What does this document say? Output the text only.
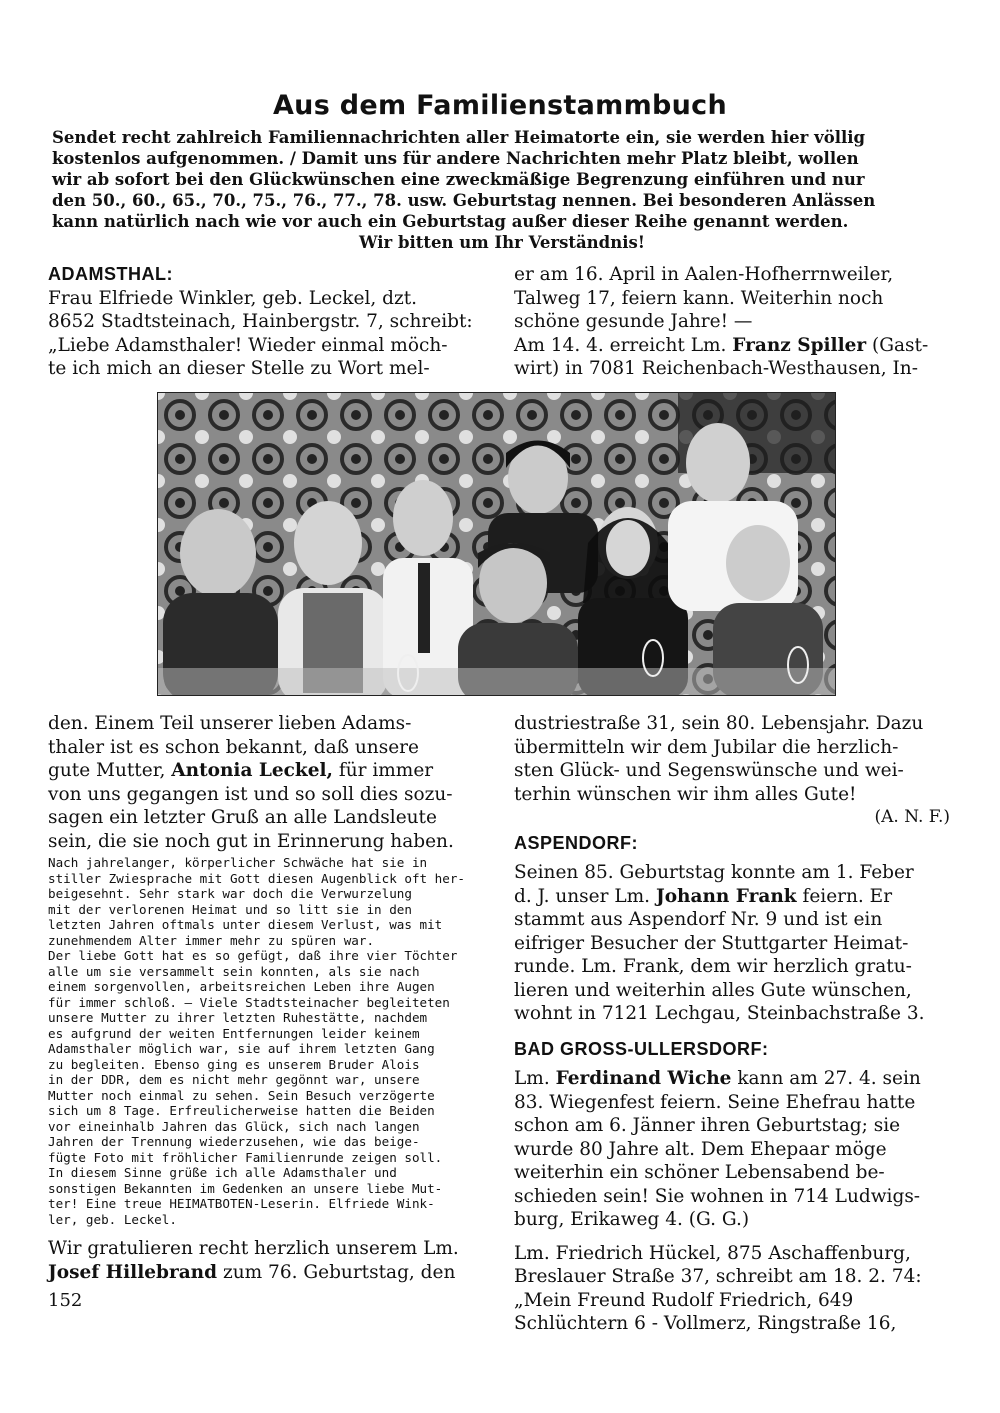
Aus dem Familienstammbuch

Sendet recht zahlreich Familiennachrichten aller Heimatorte ein, sie werden hier völlig

kostenlos aufgenommen. / Damit uns für andere Nachrichten mehr Platz bleibt, wollen

wir ab sofort bei den Glückwünschen eine zweckmäßige Begrenzung einführen und nur

den 50., 60., 65., 70., 75., 76., 77., 78. usw. Geburtstag nennen. Bei besonderen Anlässen

kann natürlich nach wie vor auch ein Geburtstag außer dieser Reihe genannt werden.

Wir bitten um Ihr Verständnis!

ADAMSTHAL:

Frau Elfriede Winkler, geb. Leckel, dzt.

8652 Stadtsteinach, Hainbergstr. 7, schreibt:

„Liebe Adamsthaler! Wieder einmal möch-

te ich mich an dieser Stelle zu Wort mel-

er am 16. April in Aalen-Hofherrnweiler,

Talweg 17, feiern kann. Weiterhin noch

schöne gesunde Jahre! —

Am 14. 4. erreicht Lm. Franz Spiller (Gast-

wirt) in 7081 Reichenbach-Westhausen, In-

den. Einem Teil unserer lieben Adams-

thaler ist es schon bekannt, daß unsere

gute Mutter, Antonia Leckel, für immer

von uns gegangen ist und so soll dies sozu-

sagen ein letzter Gruß an alle Landsleute

sein, die sie noch gut in Erinnerung haben.

Nach jahrelanger, körperlicher Schwäche hat sie in

stiller Zwiesprache mit Gott diesen Augenblick oft her-

beigesehnt. Sehr stark war doch die Verwurzelung

mit der verlorenen Heimat und so litt sie in den

letzten Jahren oftmals unter diesem Verlust, was mit

zunehmendem Alter immer mehr zu spüren war.

Der liebe Gott hat es so gefügt, daß ihre vier Töchter

alle um sie versammelt sein konnten, als sie nach

einem sorgenvollen, arbeitsreichen Leben ihre Augen

für immer schloß. – Viele Stadtsteinacher begleiteten

unsere Mutter zu ihrer letzten Ruhestätte, nachdem

es aufgrund der weiten Entfernungen leider keinem

Adamsthaler möglich war, sie auf ihrem letzten Gang

zu begleiten. Ebenso ging es unserem Bruder Alois

in der DDR, dem es nicht mehr gegönnt war, unsere

Mutter noch einmal zu sehen. Sein Besuch verzögerte

sich um 8 Tage. Erfreulicherweise hatten die Beiden

vor eineinhalb Jahren das Glück, sich nach langen

Jahren der Trennung wiederzusehen, wie das beige-

fügte Foto mit fröhlicher Familienrunde zeigen soll.

In diesem Sinne grüße ich alle Adamsthaler und

sonstigen Bekannten im Gedenken an unsere liebe Mut-

ter! Eine treue HEIMATBOTEN-Leserin. Elfriede Wink-

ler, geb. Leckel.

Wir gratulieren recht herzlich unserem Lm.

Josef Hillebrand zum 76. Geburtstag, den

dustriestraße 31, sein 80. Lebensjahr. Dazu

übermitteln wir dem Jubilar die herzlich-

sten Glück- und Segenswünsche und wei-

terhin wünschen wir ihm alles Gute!

(A. N. F.)

ASPENDORF:

Seinen 85. Geburtstag konnte am 1. Feber

d. J. unser Lm. Johann Frank feiern. Er

stammt aus Aspendorf Nr. 9 und ist ein

eifriger Besucher der Stuttgarter Heimat-

runde. Lm. Frank, dem wir herzlich gratu-

lieren und weiterhin alles Gute wünschen,

wohnt in 7121 Lechgau, Steinbachstraße 3.

BAD GROSS-ULLERSDORF:

Lm. Ferdinand Wiche kann am 27. 4. sein

83. Wiegenfest feiern. Seine Ehefrau hatte

schon am 6. Jänner ihren Geburtstag; sie

wurde 80 Jahre alt. Dem Ehepaar möge

weiterhin ein schöner Lebensabend be-

schieden sein! Sie wohnen in 714 Ludwigs-

burg, Erikaweg 4. (G. G.)

Lm. Friedrich Hückel, 875 Aschaffenburg,

Breslauer Straße 37, schreibt am 18. 2. 74:

„Mein Freund Rudolf Friedrich, 649

Schlüchtern 6 - Vollmerz, Ringstraße 16,

152
